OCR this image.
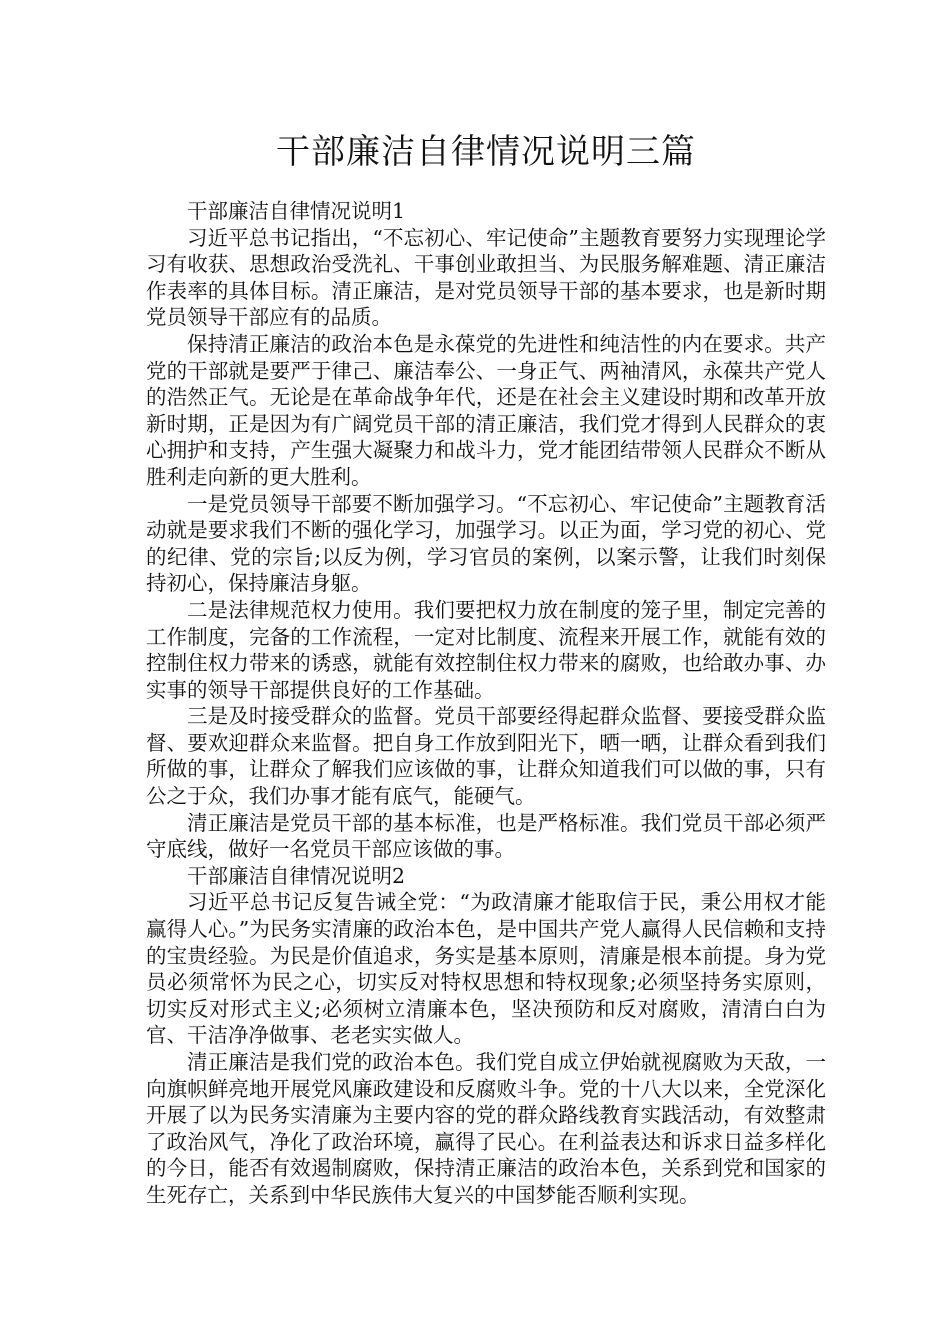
干部廉洁自律情况说明三篇

干部廉洁自律情况说明1

习近平总书记指出，“不忘初心、牢记使命”主题教育要努力实现理论学习有收获、思想政治受洗礼、干事创业敢担当、为民服务解难题、清正廉洁作表率的具体目标。清正廉洁，是对党员领导干部的基本要求，也是新时期党员领导干部应有的品质。

保持清正廉洁的政治本色是永葆党的先进性和纯洁性的内在要求。共产党的干部就是要严于律己、廉洁奉公、一身正气、两袖清风，永葆共产党人的浩然正气。无论是在革命战争年代，还是在社会主义建设时期和改革开放新时期，正是因为有广阔党员干部的清正廉洁，我们党才得到人民群众的衷心拥护和支持，产生强大凝聚力和战斗力，党才能团结带领人民群众不断从胜利走向新的更大胜利。

一是党员领导干部要不断加强学习。“不忘初心、牢记使命”主题教育活动就是要求我们不断的强化学习，加强学习。以正为面，学习党的初心、党的纪律、党的宗旨;以反为例，学习官员的案例，以案示警，让我们时刻保持初心，保持廉洁身躯。

二是法律规范权力使用。我们要把权力放在制度的笼子里，制定完善的工作制度，完备的工作流程，一定对比制度、流程来开展工作，就能有效的控制住权力带来的诱惑，就能有效控制住权力带来的腐败，也给敢办事、办实事的领导干部提供良好的工作基础。

三是及时接受群众的监督。党员干部要经得起群众监督、要接受群众监督、要欢迎群众来监督。把自身工作放到阳光下，晒一晒，让群众看到我们所做的事，让群众了解我们应该做的事，让群众知道我们可以做的事，只有公之于众，我们办事才能有底气，能硬气。

清正廉洁是党员干部的基本标准，也是严格标准。我们党员干部必须严守底线，做好一名党员干部应该做的事。

干部廉洁自律情况说明2

习近平总书记反复告诫全党：“为政清廉才能取信于民，秉公用权才能赢得人心。”为民务实清廉的政治本色，是中国共产党人赢得人民信赖和支持的宝贵经验。为民是价值追求，务实是基本原则，清廉是根本前提。身为党员必须常怀为民之心，切实反对特权思想和特权现象;必须坚持务实原则，切实反对形式主义;必须树立清廉本色，坚决预防和反对腐败，清清白白为官、干洁净净做事、老老实实做人。

清正廉洁是我们党的政治本色。我们党自成立伊始就视腐败为天敌，一向旗帜鲜亮地开展党风廉政建设和反腐败斗争。党的十八大以来，全党深化开展了以为民务实清廉为主要内容的党的群众路线教育实践活动，有效整肃了政治风气，净化了政治环境，赢得了民心。在利益表达和诉求日益多样化的今日，能否有效遏制腐败，保持清正廉洁的政治本色，关系到党和国家的生死存亡，关系到中华民族伟大复兴的中国梦能否顺利实现。
